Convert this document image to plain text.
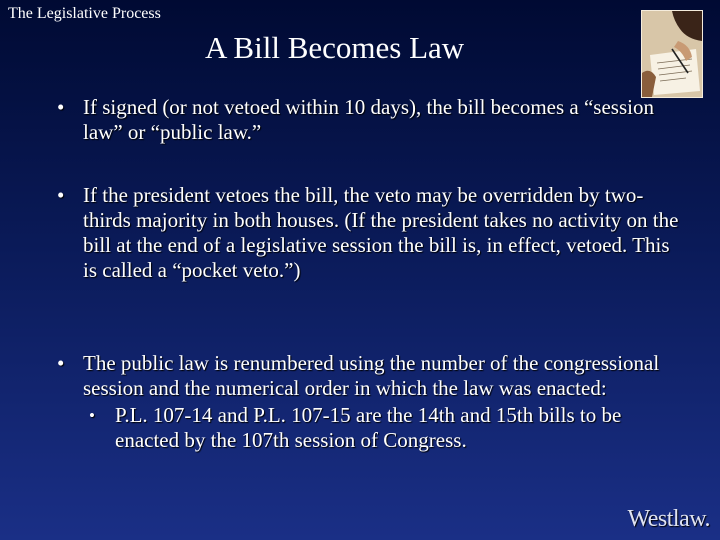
The Legislative Process
A Bill Becomes Law
• If signed (or not vetoed within 10 days), the bill becomes a “session law” or “public law.”
• If the president vetoes the bill, the veto may be overridden by two-thirds majority in both houses. (If the president takes no activity on the bill at the end of a legislative session the bill is, in effect, vetoed. This is called a “pocket veto.”)
• The public law is renumbered using the number of the congressional session and the numerical order in which the law was enacted:
• P.L. 107-14 and P.L. 107-15 are the 14th and 15th bills to be enacted by the 107th session of Congress.
Westlaw.
